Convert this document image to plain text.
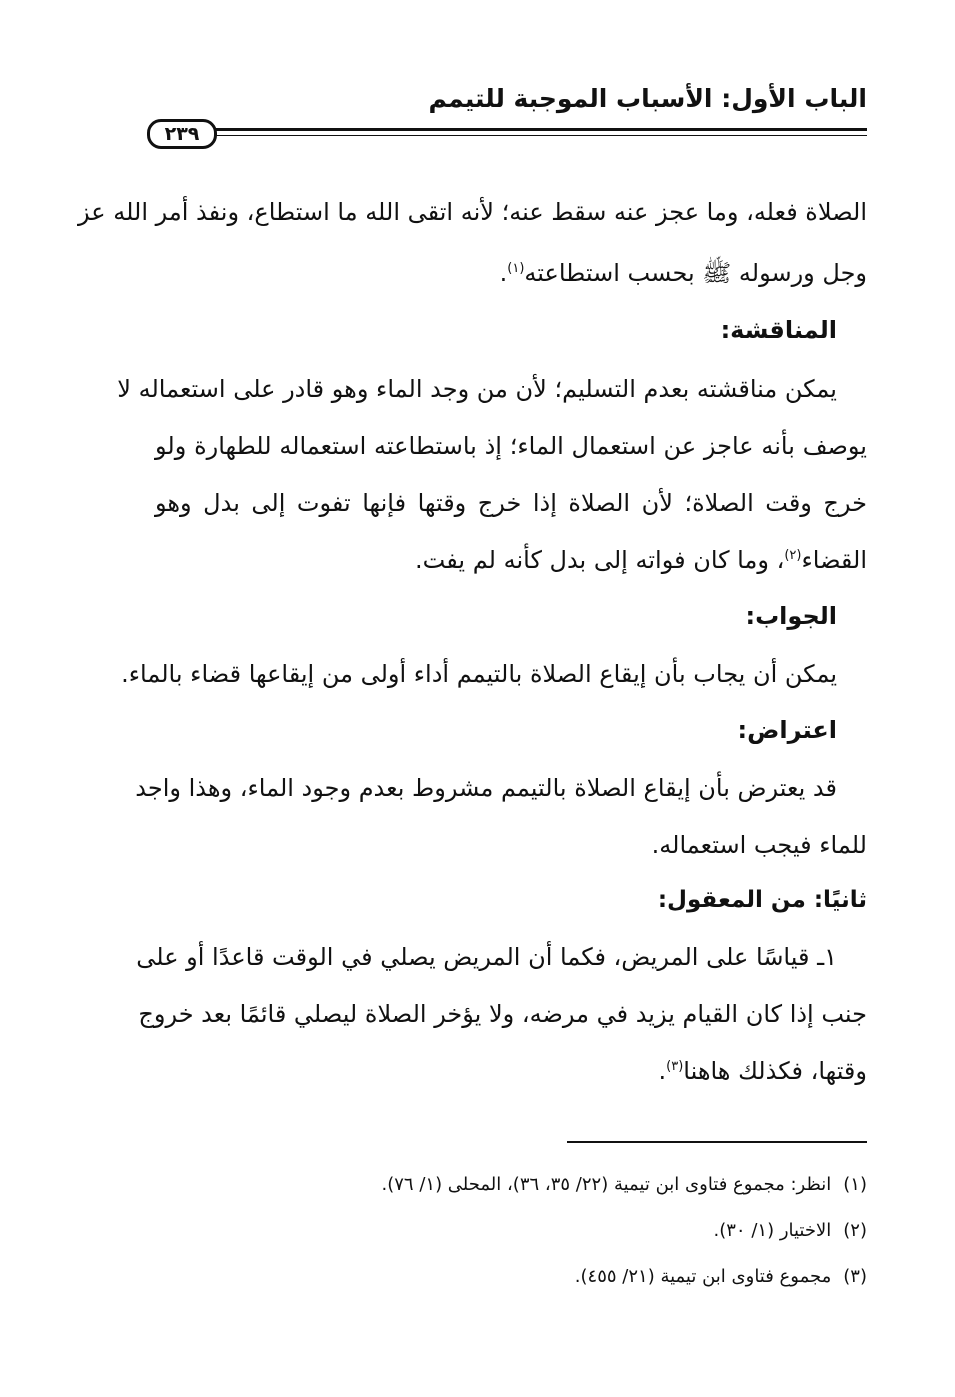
الباب الأول: الأسباب الموجبة للتيمم
٢٣٩
الصلاة فعله، وما عجز عنه سقط عنه؛ لأنه اتقى الله ما استطاع، ونفذ أمر الله عز
وجل ورسوله ﷺ بحسب استطاعته$^{(١)}$.
المناقشة:
يمكن مناقشته بعدم التسليم؛ لأن من وجد الماء وهو قادر على استعماله لا
يوصف بأنه عاجز عن استعمال الماء؛ إذ باستطاعته استعماله للطهارة ولو
خرج وقت الصلاة؛ لأن الصلاة إذا خرج وقتها فإنها تفوت إلى بدل وهو
القضاء$^{(٢)}$، وما كان فواته إلى بدل كأنه لم يفت.
الجواب:
يمكن أن يجاب بأن إيقاع الصلاة بالتيمم أداء أولى من إيقاعها قضاء بالماء.
اعتراض:
قد يعترض بأن إيقاع الصلاة بالتيمم مشروط بعدم وجود الماء، وهذا واجد
للماء فيجب استعماله.
ثانيًا: من المعقول:
١ـ قياسًا على المريض، فكما أن المريض يصلي في الوقت قاعدًا أو على
جنب إذا كان القيام يزيد في مرضه، ولا يؤخر الصلاة ليصلي قائمًا بعد خروج
وقتها، فكذلك هاهنا$^{(٣)}$.
(١)انظر: مجموع فتاوى ابن تيمية (٢٢/ ٣٥، ٣٦)، المحلى (١/ ٧٦).
(٢)الاختيار (١/ ٣٠).
(٣)مجموع فتاوى ابن تيمية (٢١/ ٤٥٥).
